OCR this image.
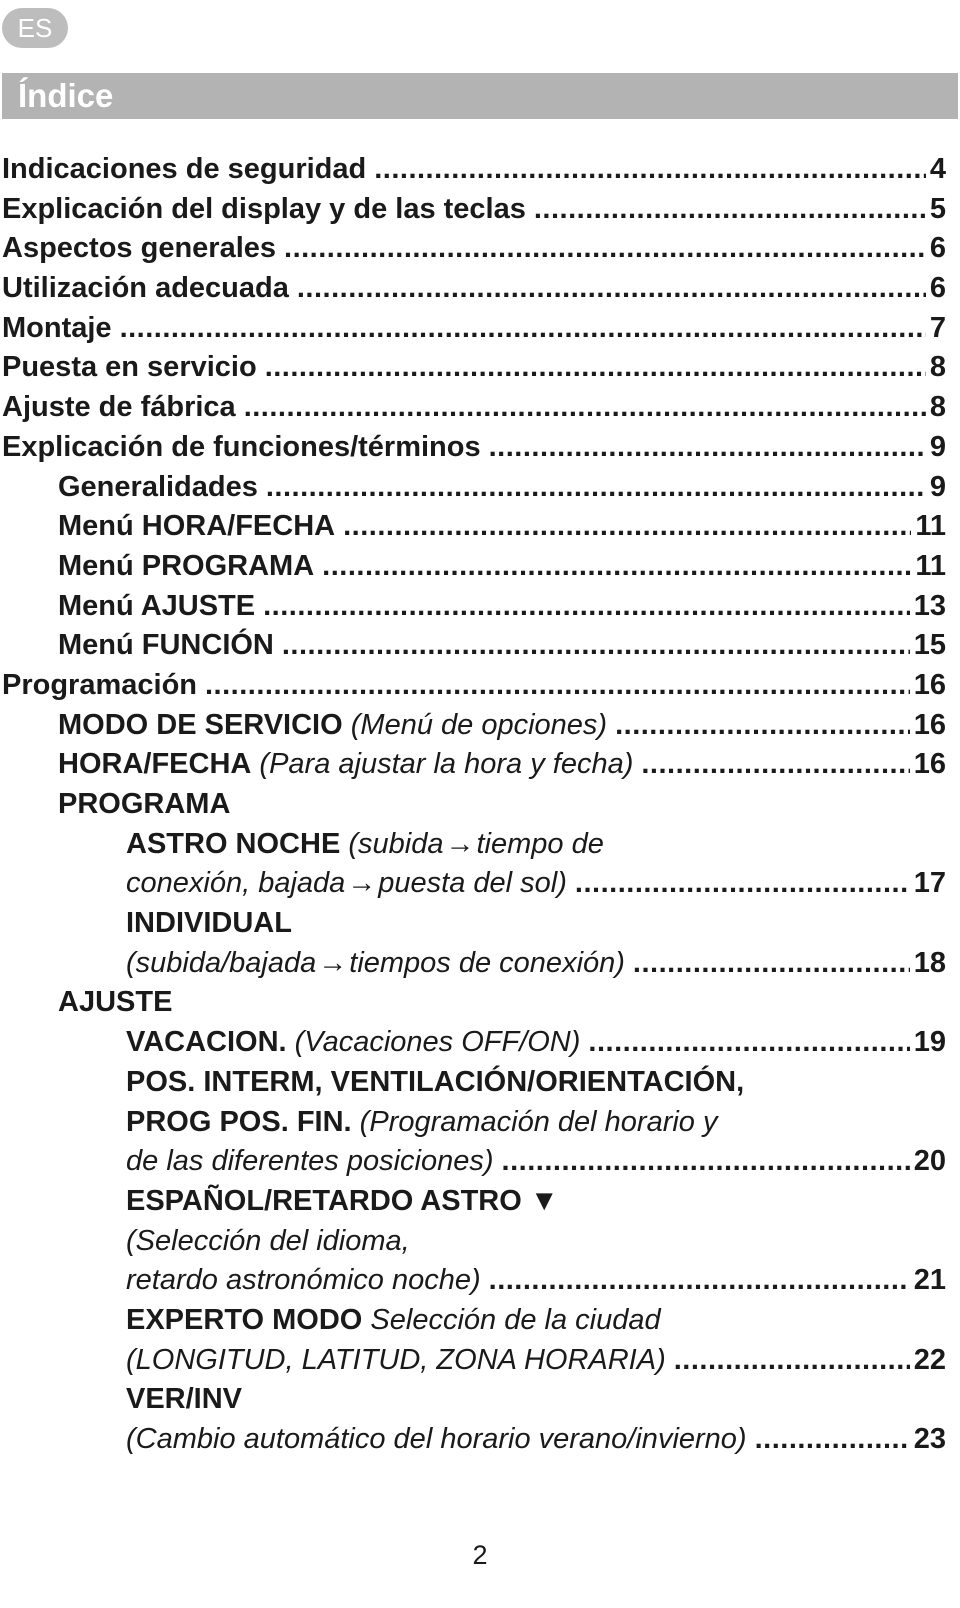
ES
Índice
Indicaciones de seguridad .....	4
Explicación del display y de las teclas .....	5
Aspectos generales .....	6
Utilización adecuada .....	6
Montaje .....	7
Puesta en servicio .....	8
Ajuste de fábrica .....	8
Explicación de funciones/términos .....	9
Generalidades .....	9
Menú HORA/FECHA .....	11
Menú PROGRAMA .....	11
Menú AJUSTE .....	13
Menú FUNCIÓN .....	15
Programación .....	16
MODO DE SERVICIO
(Menú de opciones) .....	16
HORA/FECHA
(Para ajustar la hora y fecha) .....	16
PROGRAMA
ASTRO NOCHE
(subida → tiempo de
conexión, bajada → puesta del sol) .....	17
INDIVIDUAL
(subida/bajada → tiempos de conexión) .....	18
AJUSTE
VACACION.
(Vacaciones OFF/ON) .....	19
POS. INTERM, VENTILACIÓN/ORIENTACIÓN,
PROG POS. FIN.
(Programación del horario y
de las diferentes posiciones) .....	20
ESPAÑOL/RETARDO ASTRO
▼
(Selección del idioma,
retardo astronómico noche) .....	21
EXPERTO MODO
Selección de la ciudad
(LONGITUD, LATITUD, ZONA HORARIA) .....	22
VER/INV
(Cambio automático del horario verano/invierno) .....	23
2
